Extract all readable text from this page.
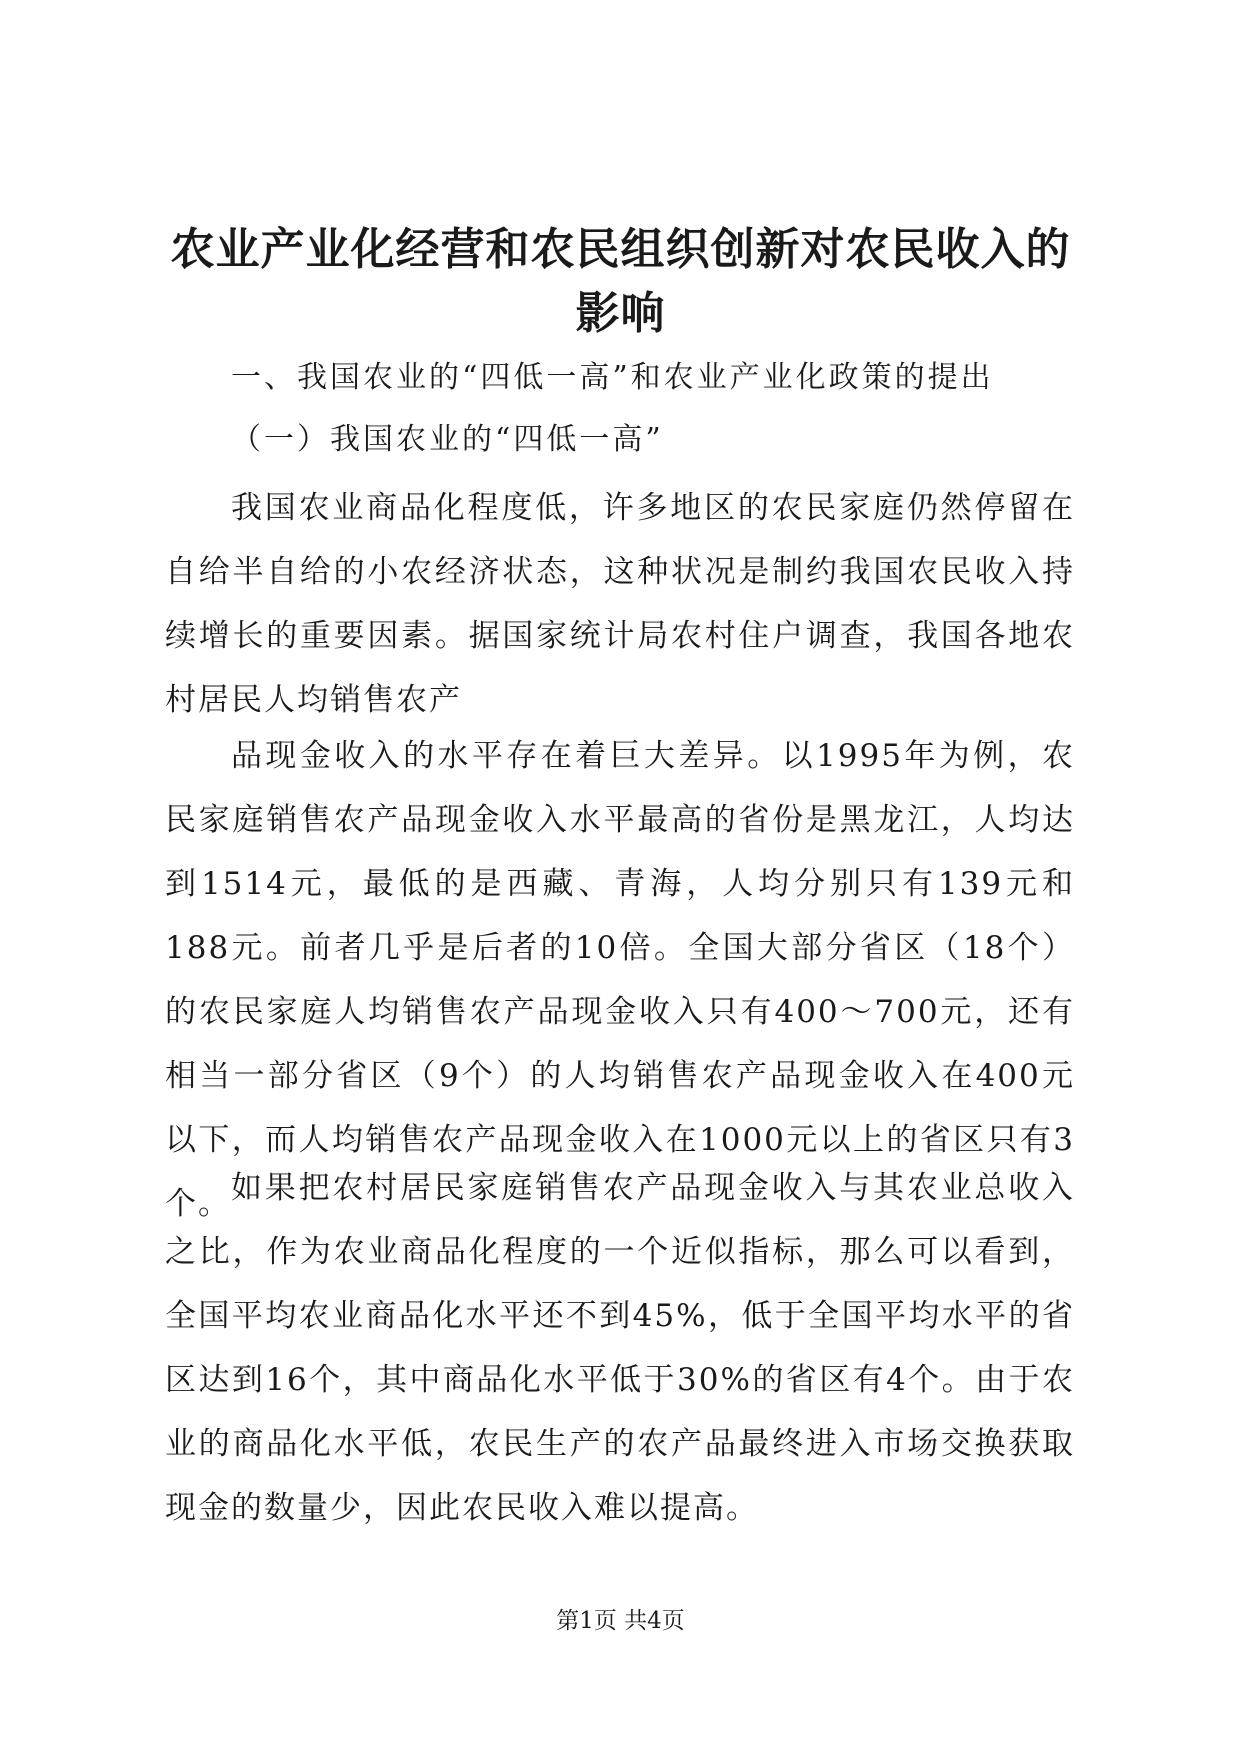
农业产业化经营和农民组织创新对农民收入的影响
一、我国农业的“四低一高”和农业产业化政策的提出
（一）我国农业的“四低一高”

我国农业商品化程度低，许多地区的农民家庭仍然停留在自给半自给的小农经济状态，这种状况是制约我国农民收入持续增长的重要因素。据国家统计局农村住户调查，我国各地农村居民人均销售农产

品现金收入的水平存在着巨大差异。以1995年为例，农民家庭销售农产品现金收入水平最高的省份是黑龙江，人均达到1514元，最低的是西藏、青海，人均分别只有139元和188元。前者几乎是后者的10倍。全国大部分省区（18个）的农民家庭人均销售农产品现金收入只有400～700元，还有相当一部分省区（9个）的人均销售农产品现金收入在400元以下，而人均销售农产品现金收入在1000元以上的省区只有3个。 如果把农村居民家庭销售农产品现金收入与其农业总收入之比，作为农业商品化程度的一个近似指标，那么可以看到，全国平均农业商品化水平还不到45%，低于全国平均水平的省区达到16个，其中商品化水平低于30%的省区有4个。由于农业的商品化水平低，农民生产的农产品最终进入市场交换获取现金的数量少，因此农民收入难以提高。

第1页 共4页
